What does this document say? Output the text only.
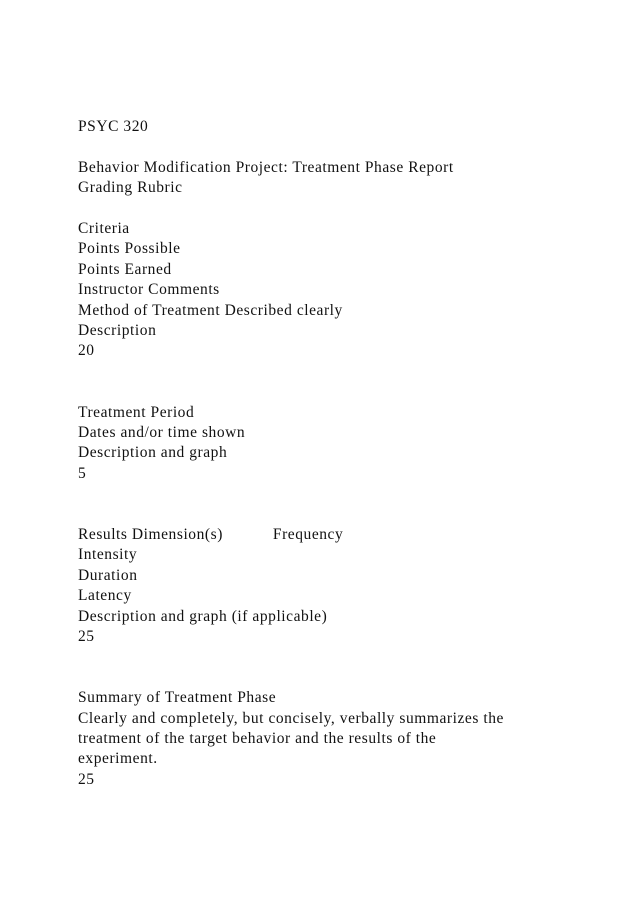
PSYC 320
Behavior Modification Project: Treatment Phase Report
Grading Rubric
Criteria
Points Possible
Points Earned
Instructor Comments
Method of Treatment Described clearly
Description
20
Treatment Period
Dates and/or time shown
Description and graph
5
Results Dimension(s)	Frequency
Intensity
Duration
Latency
Description and graph (if applicable)
25
Summary of Treatment Phase
Clearly and completely, but concisely, verbally summarizes the
treatment of the target behavior and the results of the
experiment.
25
